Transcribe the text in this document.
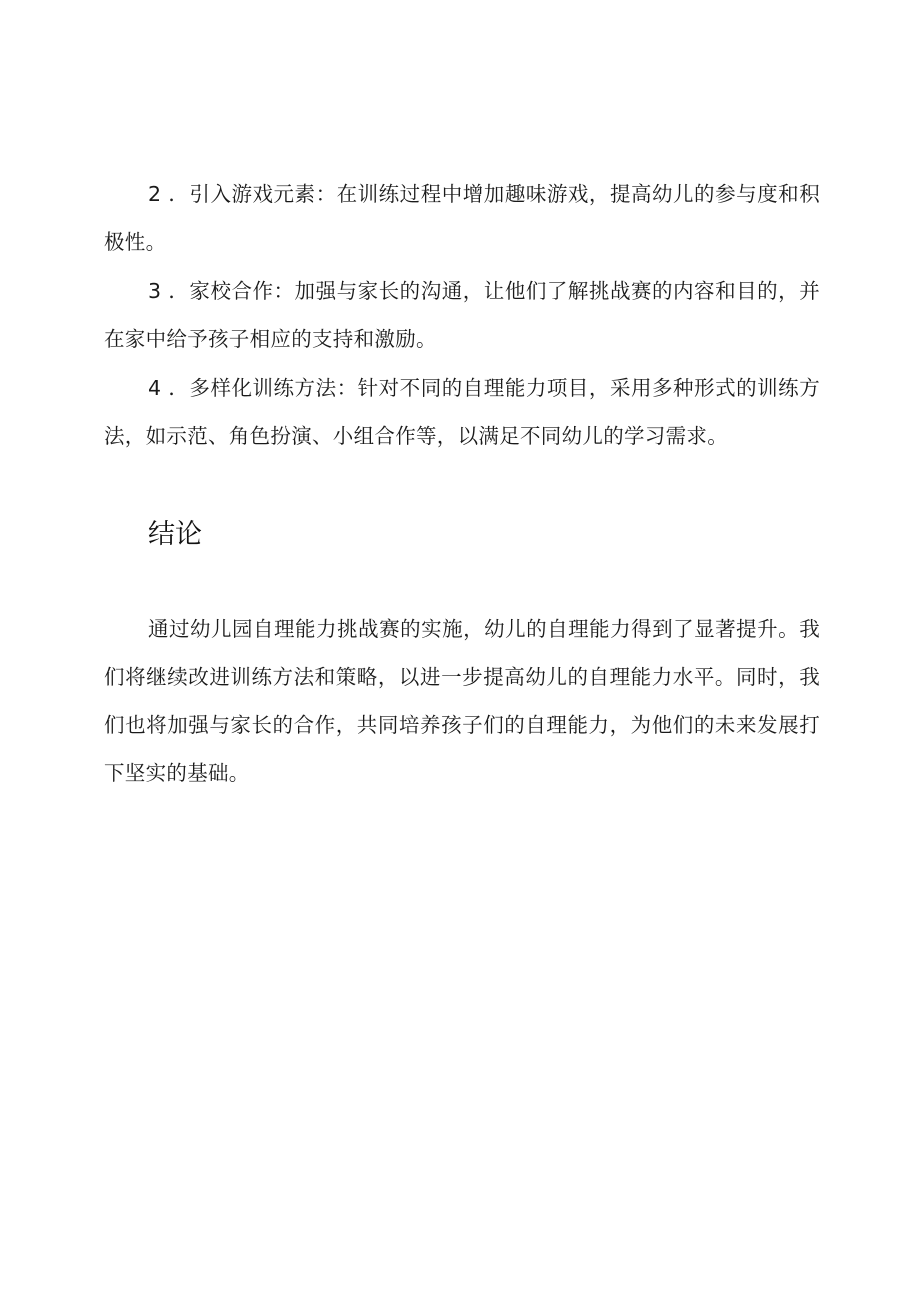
2 ．引入游戏元素：在训练过程中增加趣味游戏，提高幼儿的参与度和积极性。

3 ．家校合作：加强与家长的沟通，让他们了解挑战赛的内容和目的，并在家中给予孩子相应的支持和激励。

4 ．多样化训练方法：针对不同的自理能力项目，采用多种形式的训练方法，如示范、角色扮演、小组合作等，以满足不同幼儿的学习需求。

结论

通过幼儿园自理能力挑战赛的实施，幼儿的自理能力得到了显著提升。我们将继续改进训练方法和策略，以进一步提高幼儿的自理能力水平。同时，我们也将加强与家长的合作，共同培养孩子们的自理能力，为他们的未来发展打下坚实的基础。
